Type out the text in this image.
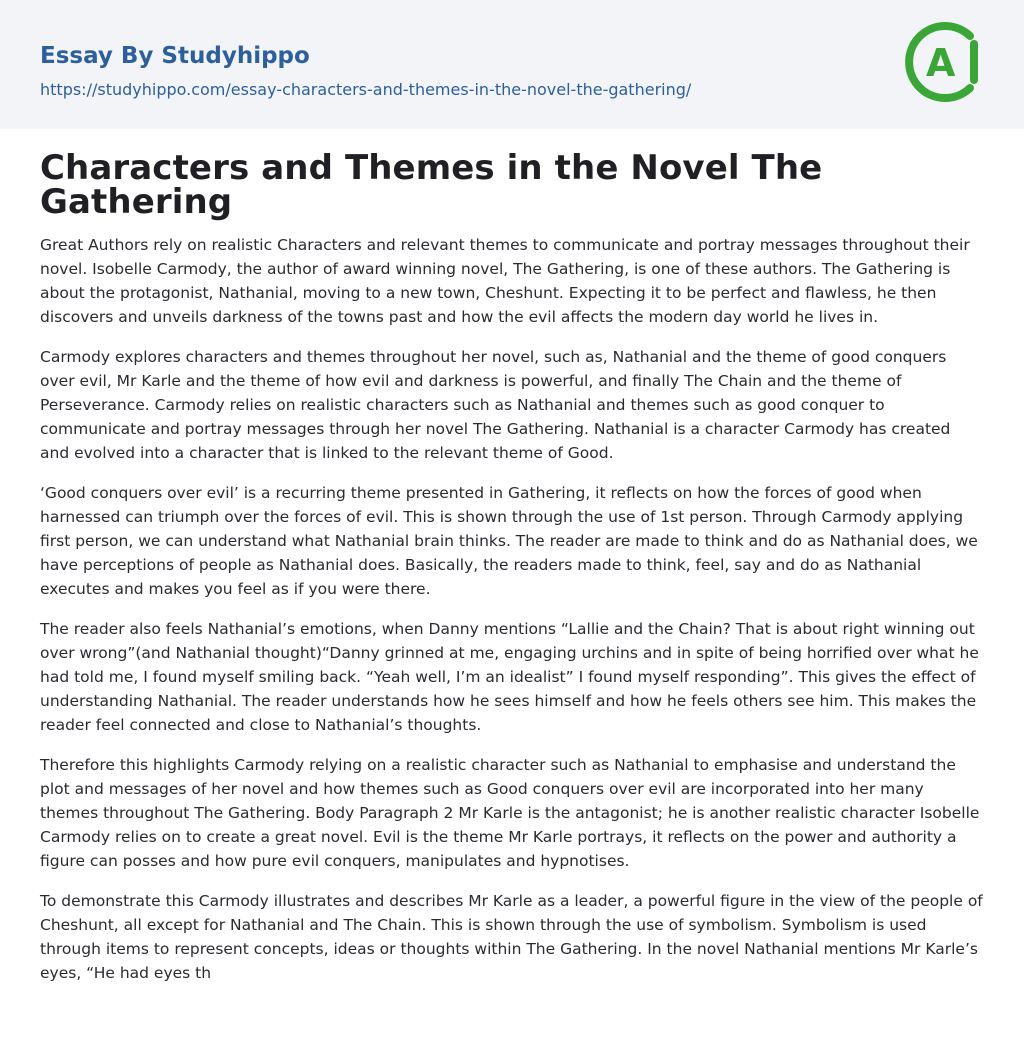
Essay By Studyhippo
https://studyhippo.com/essay-characters-and-themes-in-the-novel-the-gathering/
A
Characters and Themes in the Novel The Gathering

Great Authors rely on realistic Characters and relevant themes to communicate and portray messages throughout their novel. Isobelle Carmody, the author of award winning novel, The Gathering, is one of these authors. The Gathering is about the protagonist, Nathanial, moving to a new town, Cheshunt. Expecting it to be perfect and flawless, he then discovers and unveils darkness of the towns past and how the evil affects the modern day world he lives in.

Carmody explores characters and themes throughout her novel, such as, Nathanial and the theme of good conquers over evil, Mr Karle and the theme of how evil and darkness is powerful, and finally The Chain and the theme of Perseverance. Carmody relies on realistic characters such as Nathanial and themes such as good conquer to communicate and portray messages through her novel The Gathering. Nathanial is a character Carmody has created and evolved into a character that is linked to the relevant theme of Good.

‘Good conquers over evil’ is a recurring theme presented in Gathering, it reflects on how the forces of good when harnessed can triumph over the forces of evil. This is shown through the use of 1st person. Through Carmody applying first person, we can understand what Nathanial brain thinks. The reader are made to think and do as Nathanial does, we have perceptions of people as Nathanial does. Basically, the readers made to think, feel, say and do as Nathanial executes and makes you feel as if you were there.

The reader also feels Nathanial’s emotions, when Danny mentions “Lallie and the Chain? That is about right winning out over wrong”(and Nathanial thought)“Danny grinned at me, engaging urchins and in spite of being horrified over what he had told me, I found myself smiling back. “Yeah well, I’m an idealist” I found myself responding”. This gives the effect of understanding Nathanial. The reader understands how he sees himself and how he feels others see him. This makes the reader feel connected and close to Nathanial’s thoughts.

Therefore this highlights Carmody relying on a realistic character such as Nathanial to emphasise and understand the plot and messages of her novel and how themes such as Good conquers over evil are incorporated into her many themes throughout The Gathering. Body Paragraph 2 Mr Karle is the antagonist; he is another realistic character Isobelle Carmody relies on to create a great novel. Evil is the theme Mr Karle portrays, it reflects on the power and authority a figure can posses and how pure evil conquers, manipulates and hypnotises.

To demonstrate this Carmody illustrates and describes Mr Karle as a leader, a powerful figure in the view of the people of Cheshunt, all except for Nathanial and The Chain. This is shown through the use of symbolism. Symbolism is used through items to represent concepts, ideas or thoughts within The Gathering. In the novel Nathanial mentions Mr Karle’s eyes, “He had eyes th
